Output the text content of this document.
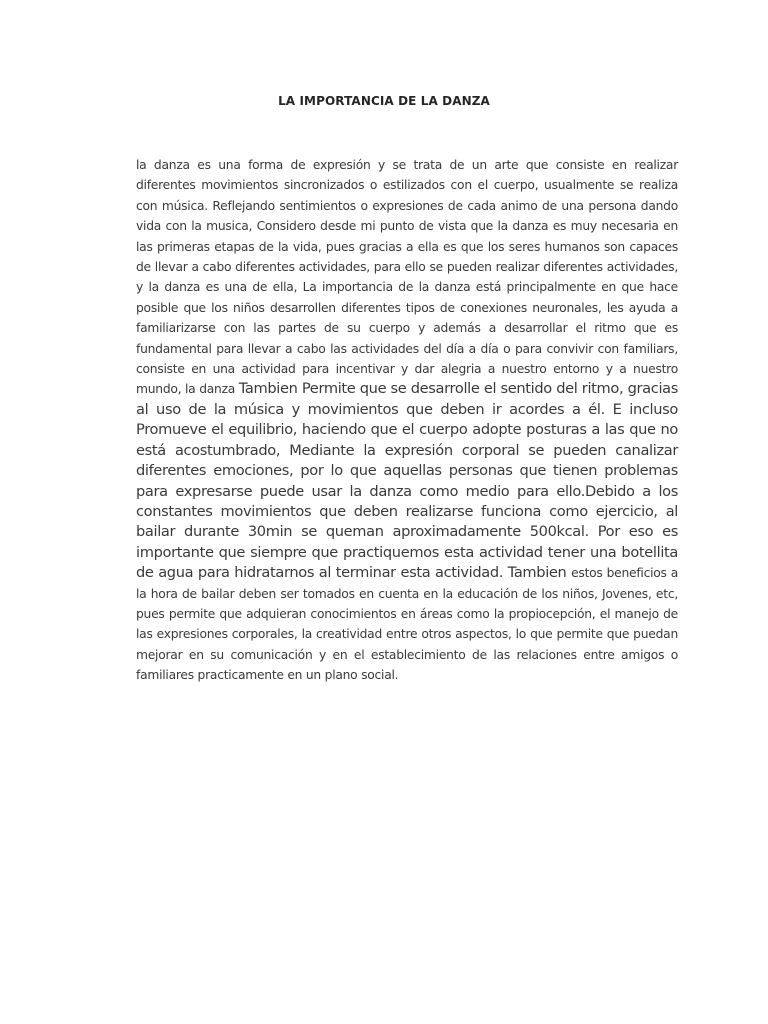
LA IMPORTANCIA DE LA DANZA

la danza es una forma de expresión y se trata de un arte que consiste en realizar diferentes movimientos sincronizados o estilizados con el cuerpo, usualmente se realiza con música. Reflejando sentimientos o expresiones de cada animo de una persona dando vida con la musica, Considero desde mi punto de vista que la danza es muy necesaria en las primeras etapas de la vida, pues gracias a ella es que los seres humanos son capaces de llevar a cabo diferentes actividades, para ello se pueden realizar diferentes actividades, y la danza es una de ella, La importancia de la danza está principalmente en que hace posible que los niños desarrollen diferentes tipos de conexiones neuronales, les ayuda a familiarizarse con las partes de su cuerpo y además a desarrollar el ritmo que es fundamental para llevar a cabo las actividades del día a día o para convivir con familiars, consiste en una actividad para incentivar y dar alegria a nuestro entorno y a nuestro mundo, la danza Tambien Permite que se desarrolle el sentido del ritmo, gracias al uso de la música y movimientos que deben ir acordes a él. E incluso Promueve el equilibrio, haciendo que el cuerpo adopte posturas a las que no está acostumbrado, Mediante la expresión corporal se pueden canalizar diferentes emociones, por lo que aquellas personas que tienen problemas para expresarse puede usar la danza como medio para ello.Debido a los constantes movimientos que deben realizarse funciona como ejercicio, al bailar durante 30min se queman aproximadamente 500kcal. Por eso es importante que siempre que practiquemos esta actividad tener una botellita de agua para hidratarnos al terminar esta actividad. Tambien estos beneficios a la hora de bailar deben ser tomados en cuenta en la educación de los niños, Jovenes, etc, pues permite que adquieran conocimientos en áreas como la propiocepción, el manejo de las expresiones corporales, la creatividad entre otros aspectos, lo que permite que puedan mejorar en su comunicación y en el establecimiento de las relaciones entre amigos o familiares practicamente en un plano social.
